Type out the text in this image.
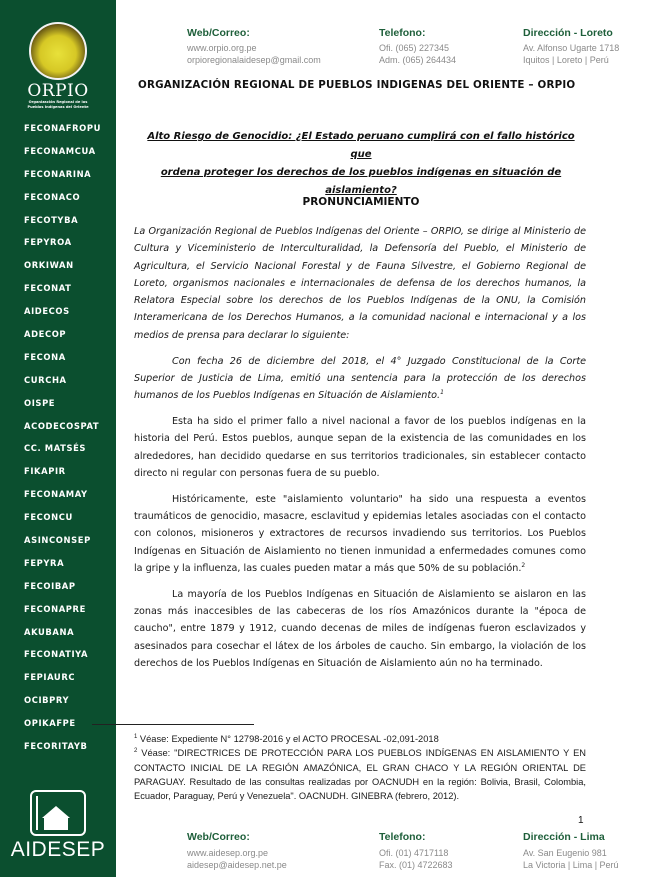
ORPIO
Organización Regional de los
Pueblos Indígenas del Oriente
FECONAFROPU
FECONAMCUA
FECONARINA
FECONACO
FECOTYBA
FEPYROA
ORKIWAN
FECONAT
AIDECOS
ADECOP
FECONA
CURCHA
OISPE
ACODECOSPAT
CC. MATSÉS
FIKAPIR
FECONAMAY
FECONCU
ASINCONSEP
FEPYRA
FECOIBAP
FECONAPRE
AKUBANA
FECONATIYA
FEPIAURC
OCIBPRY
OPIKAFPE
FECORITAYB
AIDESEP
Web/Correo:
www.orpio.org.pe
orpioregionalaidesep@gmail.com
Telefono:
Ofi. (065) 227345
Adm. (065) 264434
Dirección - Loreto
Av. Alfonso Ugarte 1718
Iquitos | Loreto | Perú
ORGANIZACIÓN REGIONAL DE PUEBLOS INDIGENAS DEL ORIENTE – ORPIO
Alto Riesgo de Genocidio: ¿El Estado peruano cumplirá con el fallo histórico que
ordena proteger los derechos de los pueblos indígenas en situación de aislamiento?
PRONUNCIAMIENTO

La Organización Regional de Pueblos Indígenas del Oriente – ORPIO, se dirige al Ministerio de Cultura y Viceministerio de Interculturalidad, la Defensoría del Pueblo, el Ministerio de Agricultura, el Servicio Nacional Forestal y de Fauna Silvestre, el Gobierno Regional de Loreto, organismos nacionales e internacionales de defensa de los derechos humanos, la Relatora Especial sobre los derechos de los Pueblos Indígenas de la ONU, la Comisión Interamericana de los Derechos Humanos, a la comunidad nacional e internacional y a los medios de prensa para declarar lo siguiente:

Con fecha 26 de diciembre del 2018, el 4° Juzgado Constitucional de la Corte Superior de Justicia de Lima, emitió una sentencia para la protección de los derechos humanos de los Pueblos Indígenas en Situación de Aislamiento.$^1$

Esta ha sido el primer fallo a nivel nacional a favor de los pueblos indígenas en la historia del Perú. Estos pueblos, aunque sepan de la existencia de las comunidades en los alrededores, han decidido quedarse en sus territorios tradicionales, sin establecer contacto directo ni regular con personas fuera de su pueblo.

Históricamente, este "aislamiento voluntario" ha sido una respuesta a eventos traumáticos de genocidio, masacre, esclavitud y epidemias letales asociadas con el contacto con colonos, misioneros y extractores de recursos invadiendo sus territorios. Los Pueblos Indígenas en Situación de Aislamiento no tienen inmunidad a enfermedades comunes como la gripe y la influenza, las cuales pueden matar a más que 50% de su población.$^2$

La mayoría de los Pueblos Indígenas en Situación de Aislamiento se aislaron en las zonas más inaccesibles de las cabeceras de los ríos Amazónicos durante la "época de caucho", entre 1879 y 1912, cuando decenas de miles de indígenas fueron esclavizados y asesinados para cosechar el látex de los árboles de caucho. Sin embargo, la violación de los derechos de los Pueblos Indígenas en Situación de Aislamiento aún no ha terminado.

$^1$ Véase: Expediente N° 12798-2016 y el ACTO PROCESAL -02,091-2018

$^2$ Véase: "DIRECTRICES DE PROTECCIÓN PARA LOS PUEBLOS INDÍGENAS EN AISLAMIENTO Y EN CONTACTO INICIAL DE LA REGIÓN AMAZÓNICA, EL GRAN CHACO Y LA REGIÓN ORIENTAL DE PARAGUAY. Resultado de las consultas realizadas por OACNUDH en la región: Bolivia, Brasil, Colombia, Ecuador, Paraguay, Perú y Venezuela". OACNUDH. GINEBRA (febrero, 2012).

1
Web/Correo:
www.aidesep.org.pe
aidesep@aidesep.net.pe
Telefono:
Ofi. (01) 4717118
Fax. (01) 4722683
Dirección - Lima
Av. San Eugenio 981
La Victoria | Lima | Perú
